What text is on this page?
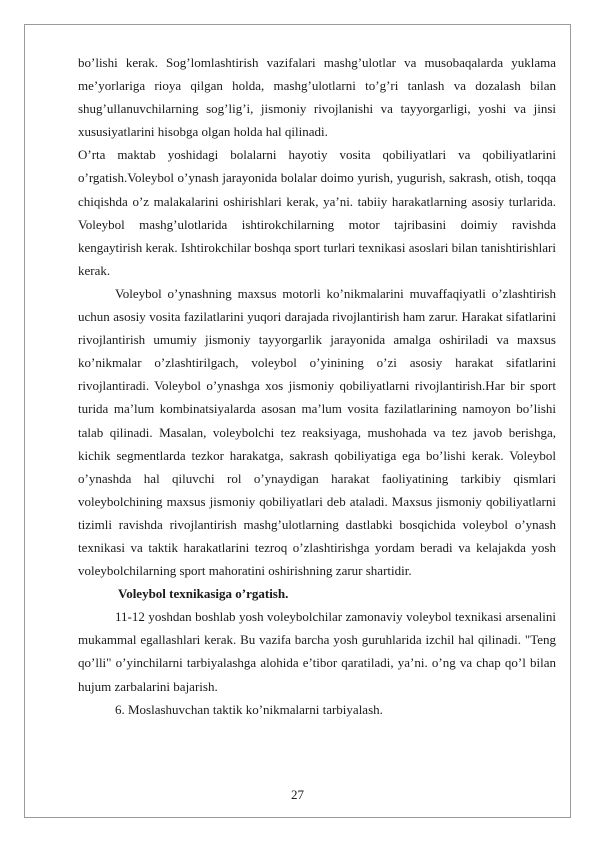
bo’lishi kerak. Sog’lomlashtirish vazifalari mashg’ulotlar va musobaqalarda yuklama me’yorlariga rioya qilgan holda, mashg’ulotlarni to’g’ri tanlash va dozalash bilan shug’ullanuvchilarning sog’lig’i, jismoniy rivojlanishi va tayyorgarligi, yoshi va jinsi xususiyatlarini hisobga olgan holda hal qilinadi.

O’rta maktab yoshidagi bolalarni hayotiy vosita qobiliyatlari va qobiliyatlarini o’rgatish.Voleybol o’ynash jarayonida bolalar doimo yurish, yugurish, sakrash, otish, toqqa chiqishda o’z malakalarini oshirishlari kerak, ya’ni. tabiiy harakatlarning asosiy turlarida. Voleybol mashg’ulotlarida ishtirokchilarning motor tajribasini doimiy ravishda kengaytirish kerak. Ishtirokchilar boshqa sport turlari texnikasi asoslari bilan tanishtirishlari kerak.

Voleybol o’ynashning maxsus motorli ko’nikmalarini muvaffaqiyatli o’zlashtirish uchun asosiy vosita fazilatlarini yuqori darajada rivojlantirish ham zarur. Harakat sifatlarini rivojlantirish umumiy jismoniy tayyorgarlik jarayonida amalga oshiriladi va maxsus ko’nikmalar o’zlashtirilgach, voleybol o’yinining o’zi asosiy harakat sifatlarini rivojlantiradi. Voleybol o’ynashga xos jismoniy qobiliyatlarni rivojlantirish.Har bir sport turida ma’lum kombinatsiyalarda asosan ma’lum vosita fazilatlarining namoyon bo’lishi talab qilinadi. Masalan, voleybolchi tez reaksiyaga, mushohada va tez javob berishga, kichik segmentlarda tezkor harakatga, sakrash qobiliyatiga ega bo’lishi kerak. Voleybol o’ynashda hal qiluvchi rol o’ynaydigan harakat faoliyatining tarkibiy qismlari voleybolchining maxsus jismoniy qobiliyatlari deb ataladi. Maxsus jismoniy qobiliyatlarni tizimli ravishda rivojlantirish mashg’ulotlarning dastlabki bosqichida voleybol o’ynash texnikasi va taktik harakatlarini tezroq o’zlashtirishga yordam beradi va kelajakda yosh voleybolchilarning sport mahoratini oshirishning zarur shartidir.

Voleybol texnikasiga o’rgatish.

11-12 yoshdan boshlab yosh voleybolchilar zamonaviy voleybol texnikasi arsenalini mukammal egallashlari kerak. Bu vazifa barcha yosh guruhlarida izchil hal qilinadi. "Teng qo’lli" o’yinchilarni tarbiyalashga alohida e’tibor qaratiladi, ya’ni. o’ng va chap qo’l bilan hujum zarbalarini bajarish.

6. Moslashuvchan taktik ko’nikmalarni tarbiyalash.

27
